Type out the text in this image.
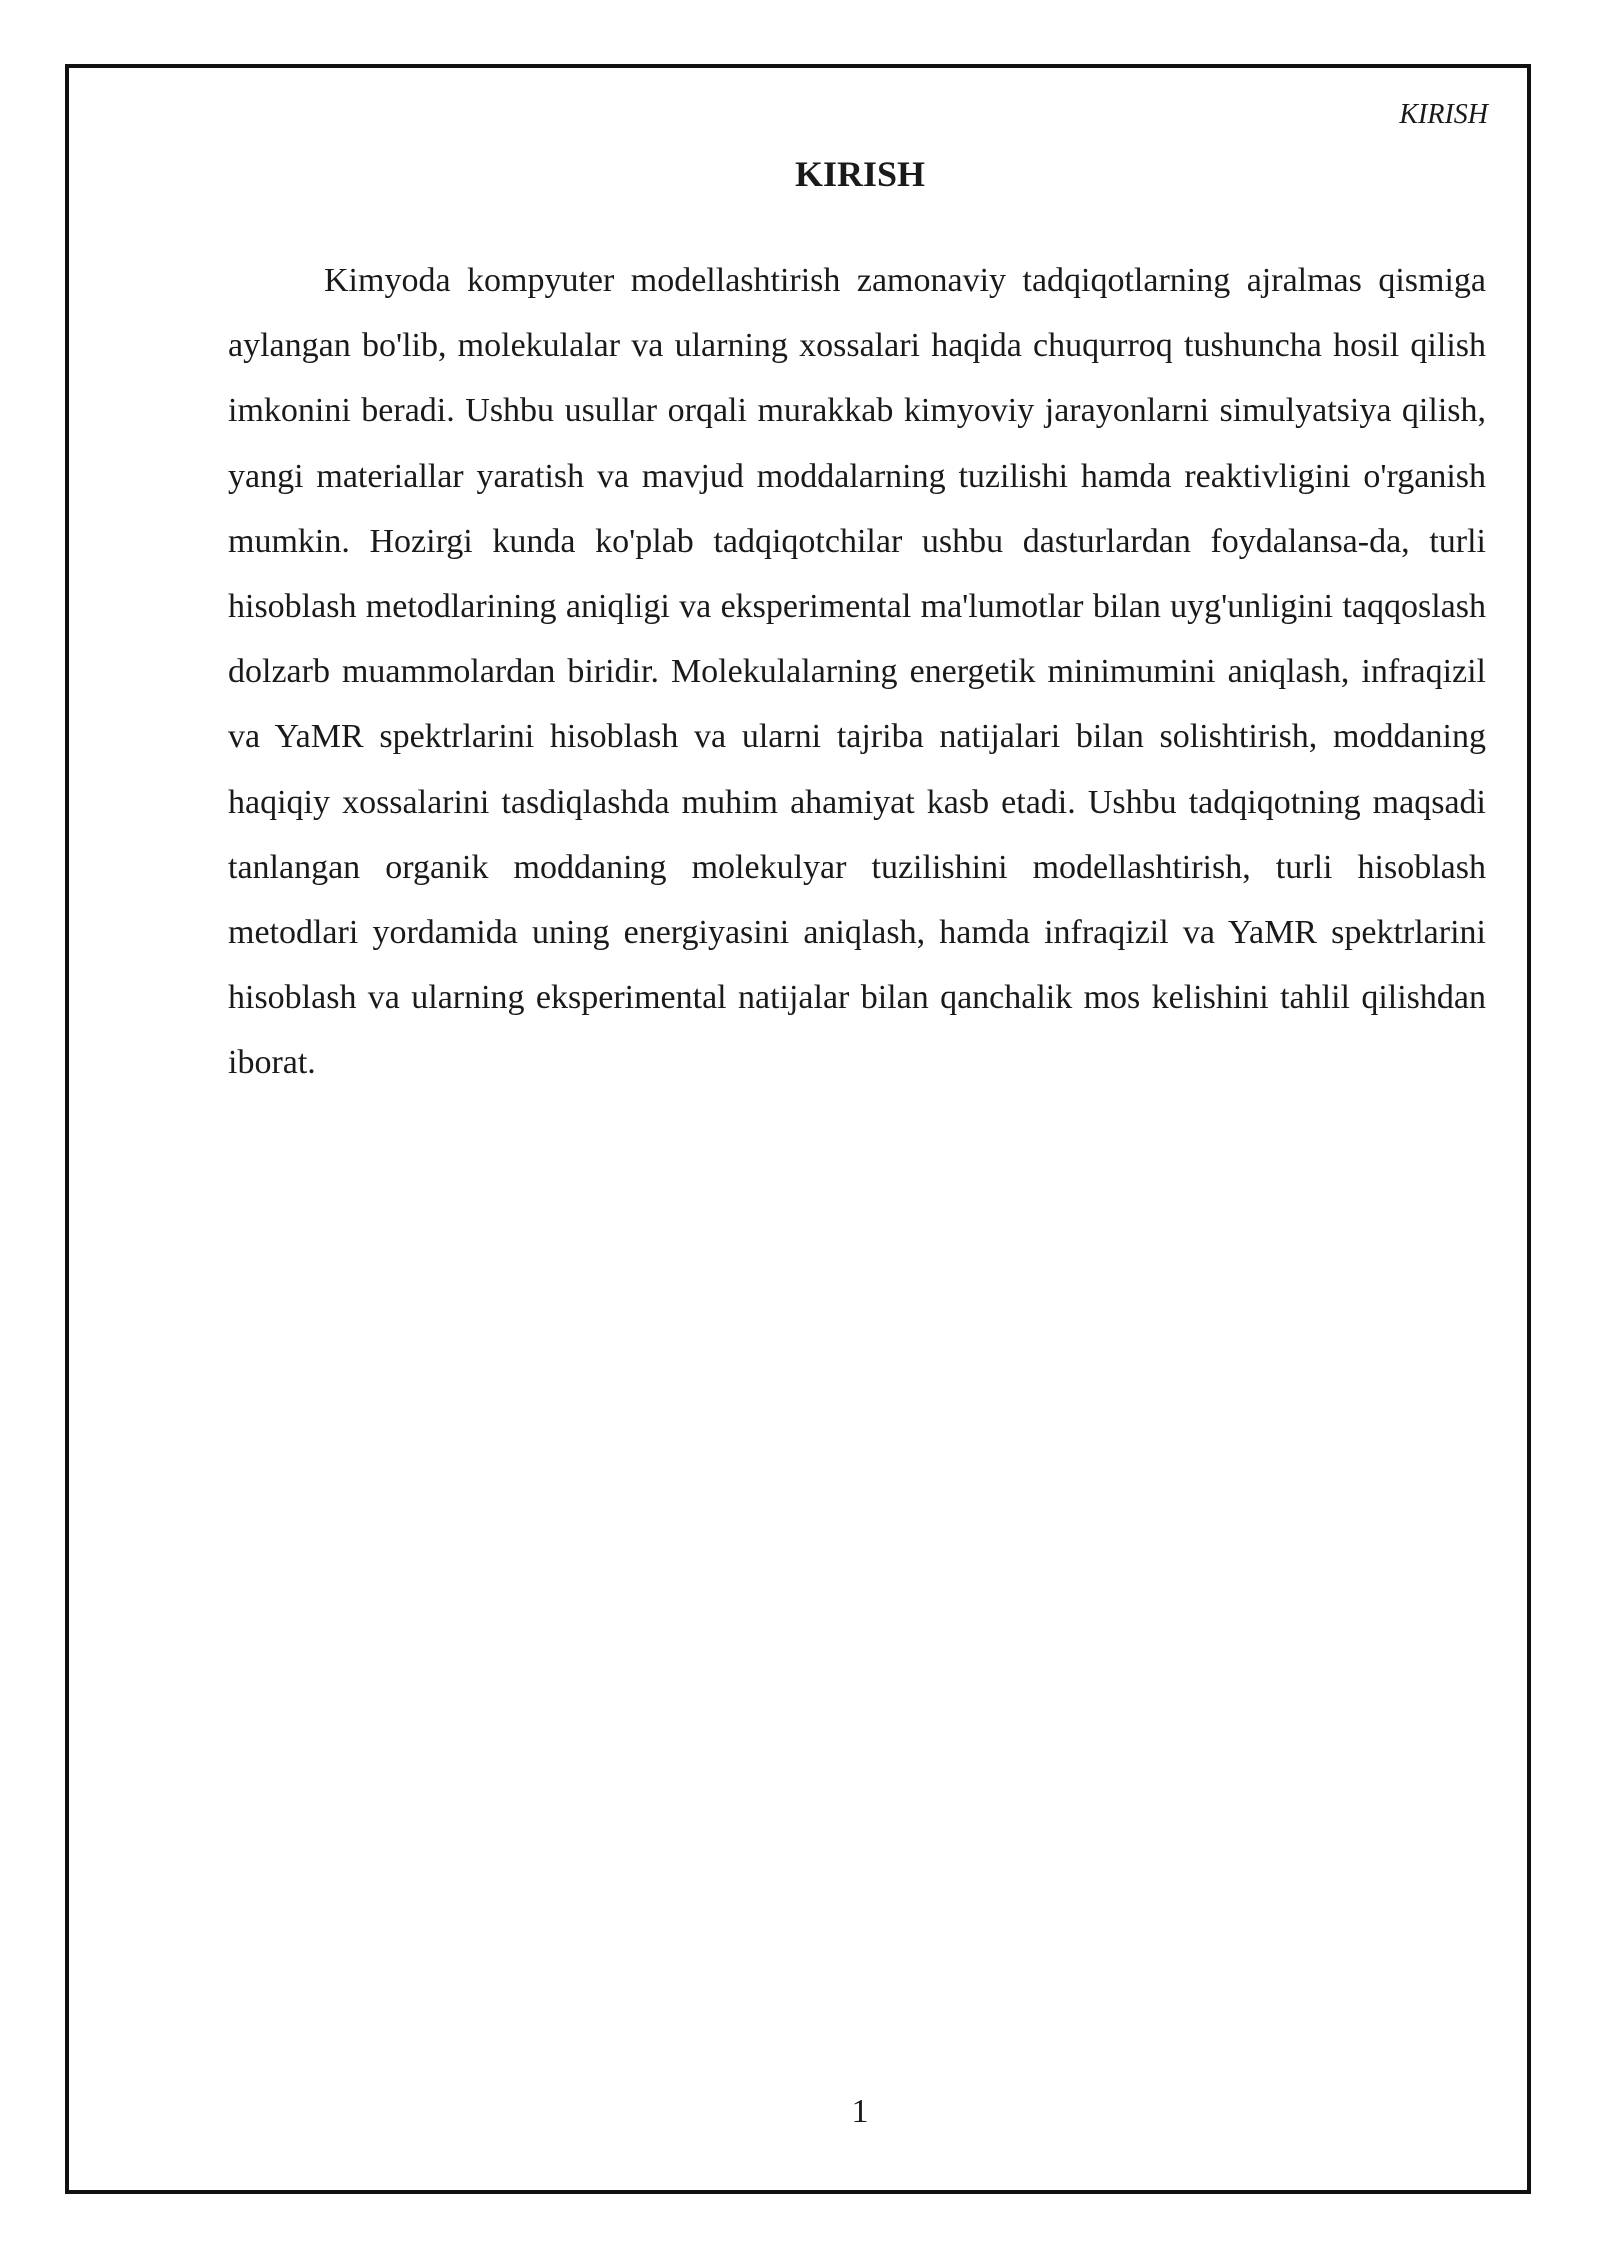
KIRISH
KIRISH

Kimyoda kompyuter modellashtirish zamonaviy tadqiqotlarning ajralmas qismiga aylangan bo'lib, molekulalar va ularning xossalari haqida chuqurroq tushuncha hosil qilish imkonini beradi. Ushbu usullar orqali murakkab kimyoviy jarayonlarni simulyatsiya qilish, yangi materiallar yaratish va mavjud moddalarning tuzilishi hamda reaktivligini o'rganish mumkin. Hozirgi kunda ko'plab tadqiqotchilar ushbu dasturlardan foydalansa-da, turli hisoblash metodlarining aniqligi va eksperimental ma'lumotlar bilan uyg'unligini taqqoslash dolzarb muammolardan biridir. Molekulalarning energetik minimumini aniqlash, infraqizil va YaMR spektrlarini hisoblash va ularni tajriba natijalari bilan solishtirish, moddaning haqiqiy xossalarini tasdiqlashda muhim ahamiyat kasb etadi. Ushbu tadqiqotning maqsadi tanlangan organik moddaning molekulyar tuzilishini modellashtirish, turli hisoblash metodlari yordamida uning energiyasini aniqlash, hamda infraqizil va YaMR spektrlarini hisoblash va ularning eksperimental natijalar bilan qanchalik mos kelishini tahlil qilishdan iborat.

1
